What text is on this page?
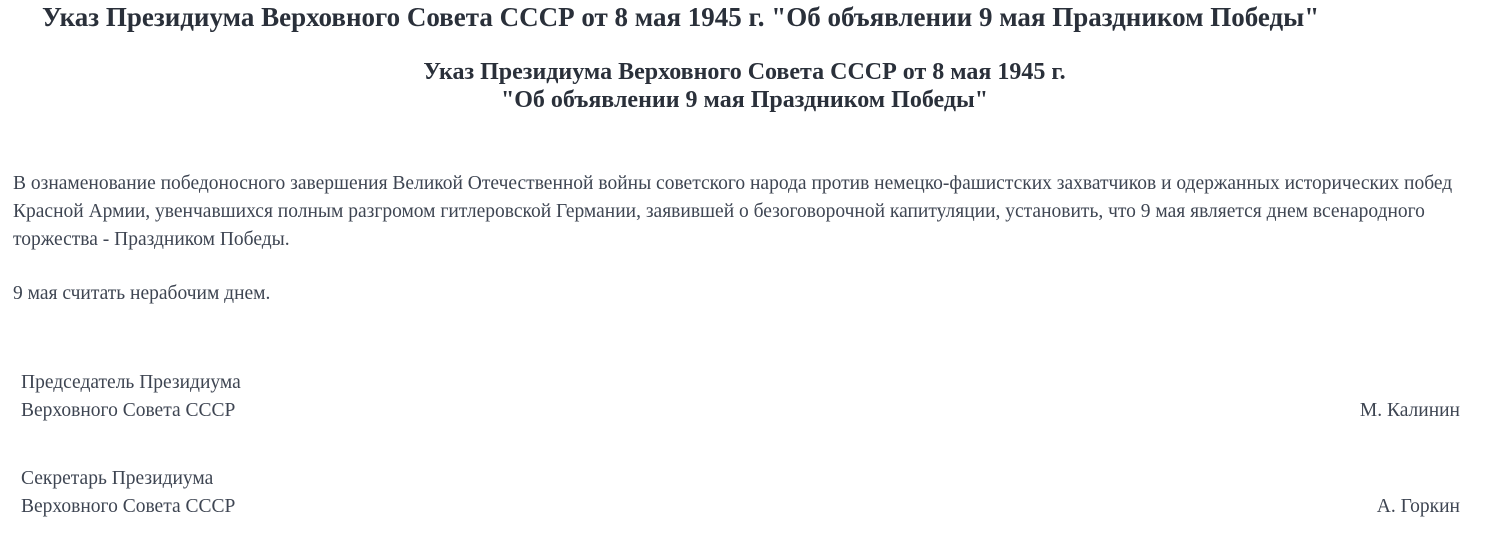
Указ Президиума Верховного Совета СССР от 8 мая 1945 г. "Об объявлении 9 мая Праздником Победы"
Указ Президиума Верховного Совета СССР от 8 мая 1945 г.
"Об объявлении 9 мая Праздником Победы"

В ознаменование победоносного завершения Великой Отечественной войны советского народа против немецко-фашистских захватчиков и одержанных исторических побед Красной Армии, увенчавшихся полным разгромом гитлеровской Германии, заявившей о безоговорочной капитуляции, установить, что 9 мая является днем всенародного торжества - Праздником Победы.

9 мая считать нерабочим днем.

Председатель Президиума
Верховного Совета СССР	М. Калинин
Секретарь Президиума
Верховного Совета СССР	А. Горкин
